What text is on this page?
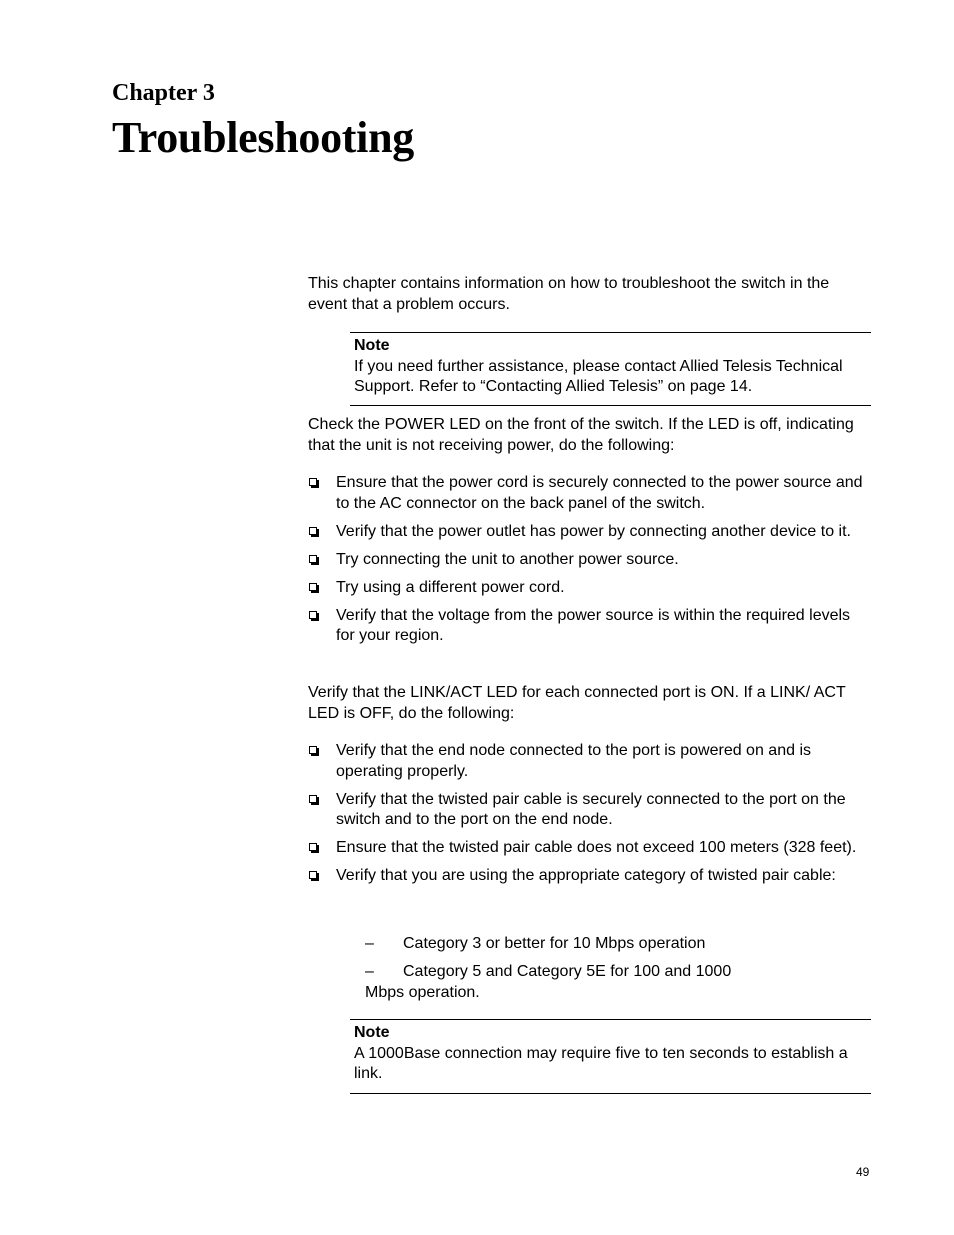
Chapter 3
Troubleshooting

This chapter contains information on how to troubleshoot the switch in the event that a problem occurs.

Note
If you need further assistance, please contact Allied Telesis Technical Support. Refer to “Contacting Allied Telesis” on page 14.

Check the POWER LED on the front of the switch. If the LED is off, indicating that the unit is not receiving power, do the following:

Ensure that the power cord is securely connected to the power source and to the AC connector on the back panel of the switch.
Verify that the power outlet has power by connecting another device to it.
Try connecting the unit to another power source.
Try using a different power cord.
Verify that the voltage from the power source is within the required levels for your region.

Verify that the LINK/ACT LED for each connected port is ON. If a LINK/ ACT LED is OFF, do the following:

Verify that the end node connected to the port is powered on and is operating properly.
Verify that the twisted pair cable is securely connected to the port on the switch and to the port on the end node.
Ensure that the twisted pair cable does not exceed 100 meters (328 feet).
Verify that you are using the appropriate category of twisted pair cable:
– Category 3 or better for 10 Mbps operation
– Category 5 and Category 5E for 100 and 1000
Mbps operation.
Note
A 1000Base connection may require five to ten seconds to establish a link.
49
